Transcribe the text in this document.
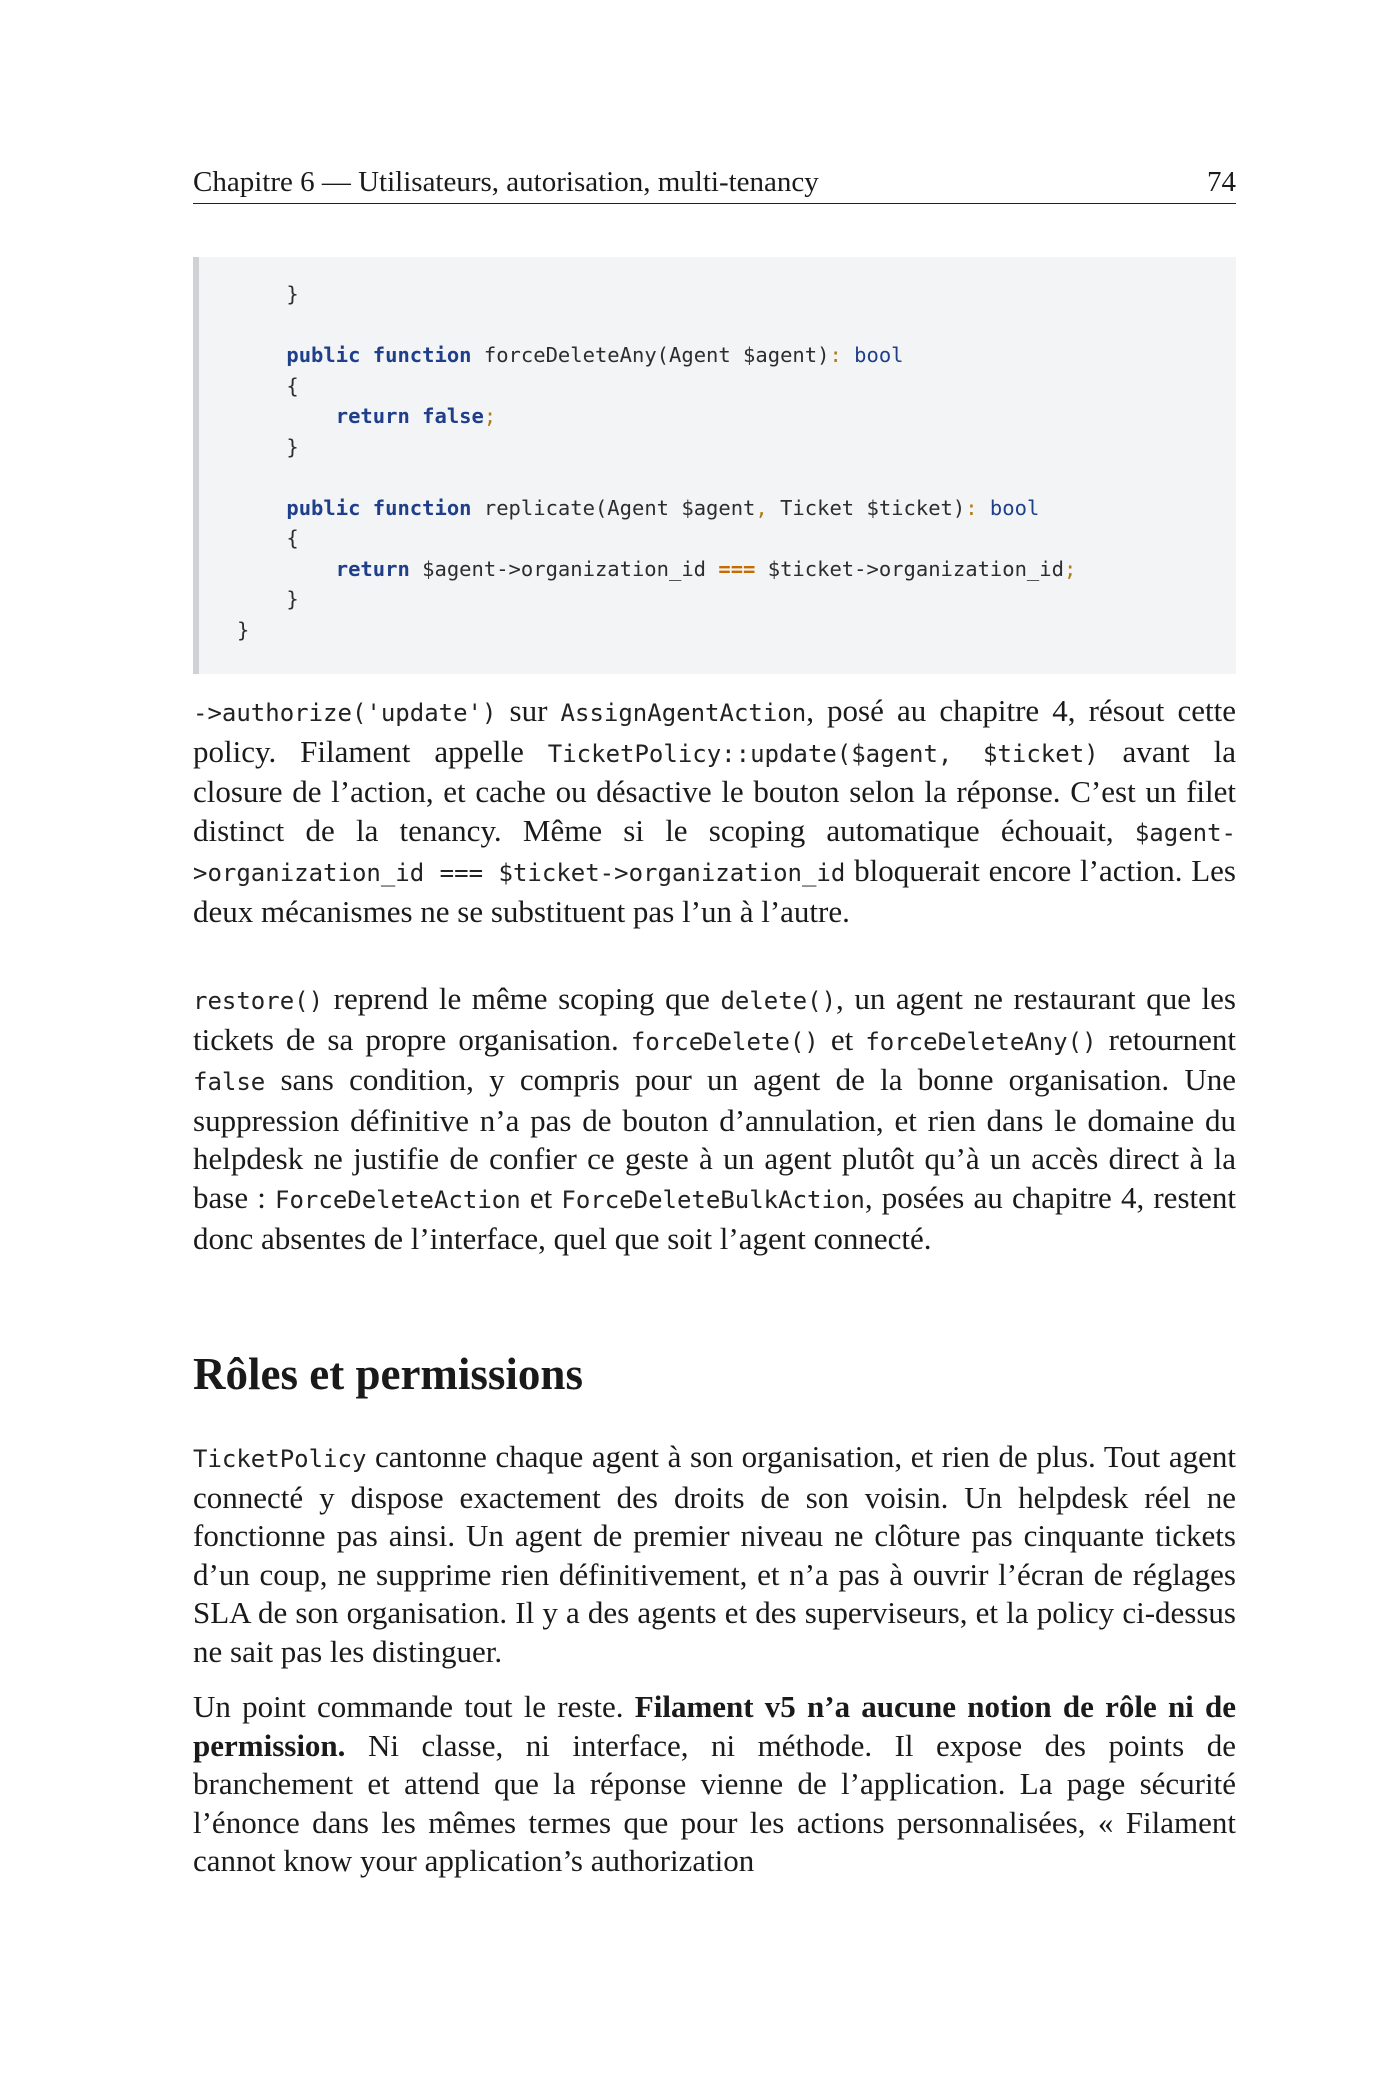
Chapitre 6 — Utilisateurs, autorisation, multi-tenancy	74
}
public function forceDeleteAny(Agent $agent): bool
{
return false;
}
public function replicate(Agent $agent, Ticket $ticket): bool
{
return $agent->organization_id === $ticket->organization_id;
}
}

->authorize('update') sur AssignAgentAction, posé au chapitre 4, résout cette policy. Filament appelle TicketPolicy::update($agent, $ticket) avant la closure de l’action, et cache ou désactive le bouton selon la réponse. C’est un filet distinct de la tenancy. Même si le scoping automatique échouait, $agent->organization_id === $ticket->organization_id bloquerait encore l’action. Les deux mécanismes ne se substituent pas l’un à l’autre.

restore() reprend le même scoping que delete(), un agent ne restaurant que les tickets de sa propre organisation. forceDelete() et forceDeleteAny() retournent false sans condition, y compris pour un agent de la bonne organisation. Une suppression définitive n’a pas de bouton d’annulation, et rien dans le domaine du helpdesk ne justifie de confier ce geste à un agent plutôt qu’à un accès direct à la base : ForceDeleteAction et ForceDeleteBulkAction, posées au chapitre 4, restent donc absentes de l’interface, quel que soit l’agent connecté.

Rôles et permissions

TicketPolicy cantonne chaque agent à son organisation, et rien de plus. Tout agent connecté y dispose exactement des droits de son voisin. Un helpdesk réel ne fonctionne pas ainsi. Un agent de premier niveau ne clôture pas cinquante tickets d’un coup, ne supprime rien définitivement, et n’a pas à ouvrir l’écran de réglages SLA de son organisation. Il y a des agents et des superviseurs, et la policy ci-dessus ne sait pas les distinguer.

Un point commande tout le reste. Filament v5 n’a aucune notion de rôle ni de permission. Ni classe, ni interface, ni méthode. Il expose des points de branchement et attend que la réponse vienne de l’application. La page sécurité l’énonce dans les mêmes termes que pour les actions personnalisées, « Filament cannot know your application’s authorization
